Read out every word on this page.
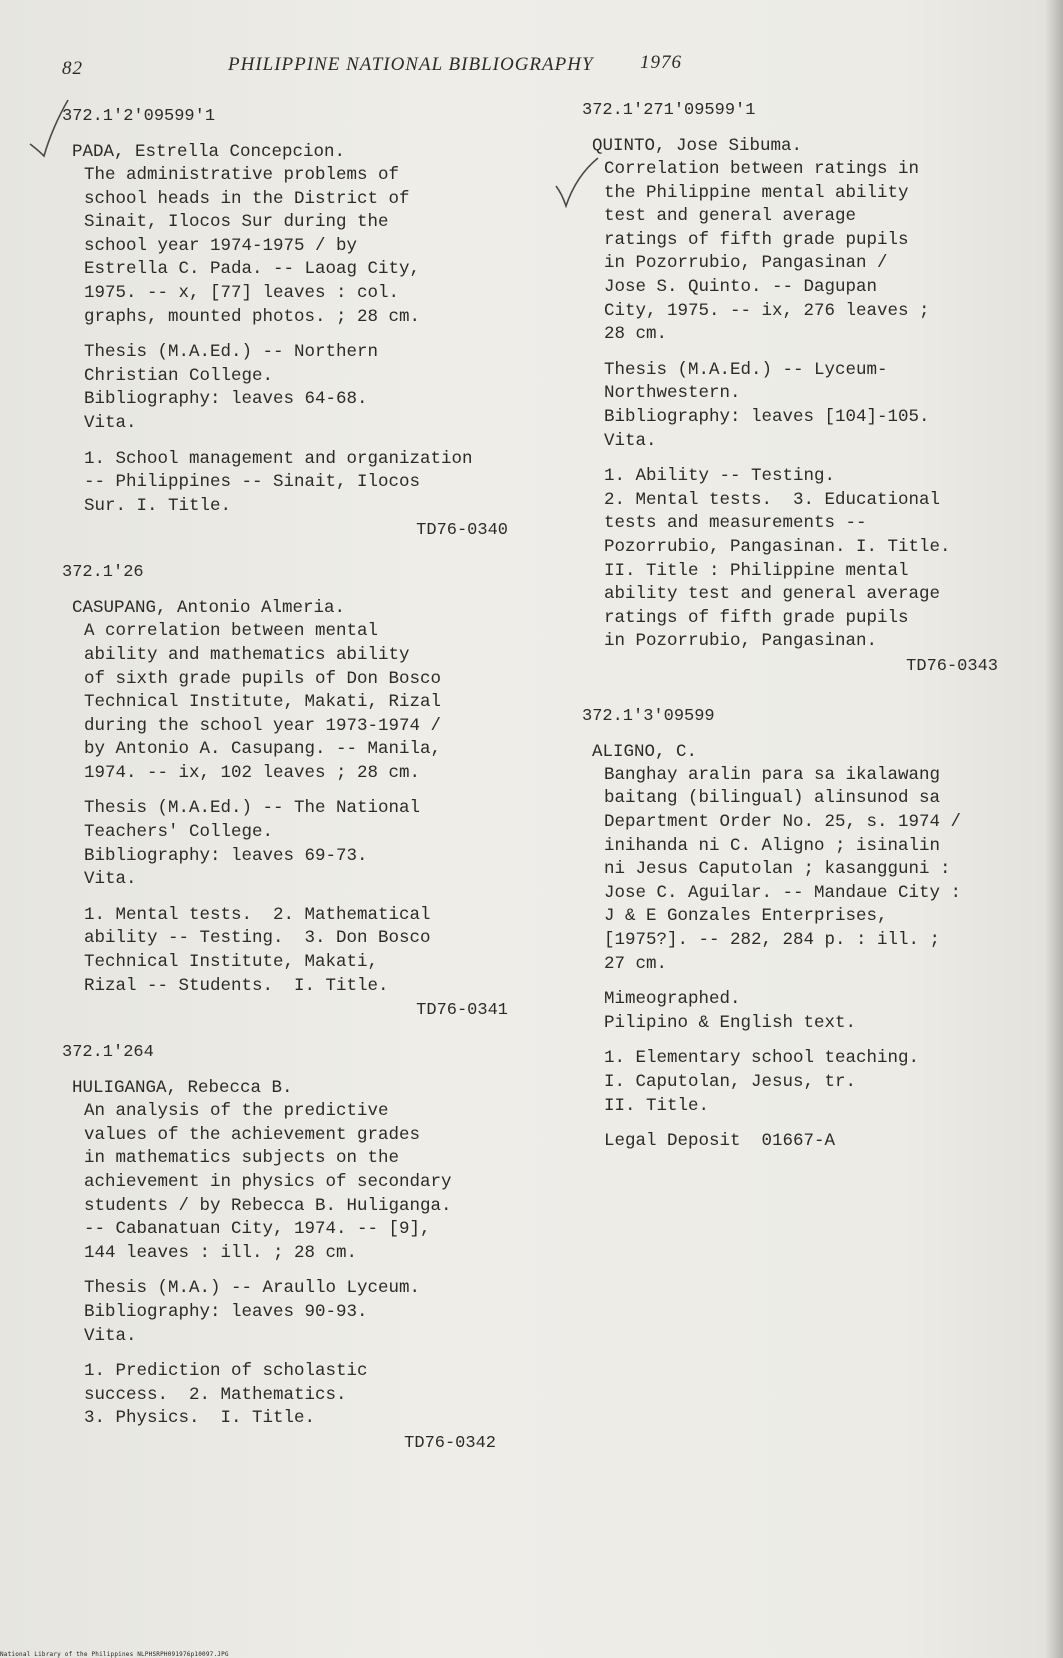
82	PHILIPPINE NATIONAL BIBLIOGRAPHY 1976
372.1'2'09599'1
PADA, Estrella Concepcion.
The administrative problems of
school heads in the District of
Sinait, Ilocos Sur during the
school year 1974-1975 / by
Estrella C. Pada. -- Laoag City,
1975. -- x, [77] leaves : col.
graphs, mounted photos. ; 28 cm.
Thesis (M.A.Ed.) -- Northern
Christian College.
Bibliography: leaves 64-68.
Vita.
1. School management and organization
-- Philippines -- Sinait, Ilocos
Sur. I. Title.
TD76-0340
372.1'26
CASUPANG, Antonio Almeria.
A correlation between mental
ability and mathematics ability
of sixth grade pupils of Don Bosco
Technical Institute, Makati, Rizal
during the school year 1973-1974 /
by Antonio A. Casupang. -- Manila,
1974. -- ix, 102 leaves ; 28 cm.
Thesis (M.A.Ed.) -- The National
Teachers' College.
Bibliography: leaves 69-73.
Vita.
1. Mental tests.  2. Mathematical
ability -- Testing.  3. Don Bosco
Technical Institute, Makati,
Rizal -- Students.  I. Title.
TD76-0341
372.1'264
HULIGANGA, Rebecca B.
An analysis of the predictive
values of the achievement grades
in mathematics subjects on the
achievement in physics of secondary
students / by Rebecca B. Huliganga.
-- Cabanatuan City, 1974. -- [9],
144 leaves : ill. ; 28 cm.
Thesis (M.A.) -- Araullo Lyceum.
Bibliography: leaves 90-93.
Vita.
1. Prediction of scholastic
success.  2. Mathematics.
3. Physics.  I. Title.
TD76-0342
372.1'271'09599'1
QUINTO, Jose Sibuma.
Correlation between ratings in
the Philippine mental ability
test and general average
ratings of fifth grade pupils
in Pozorrubio, Pangasinan /
Jose S. Quinto. -- Dagupan
City, 1975. -- ix, 276 leaves ;
28 cm.
Thesis (M.A.Ed.) -- Lyceum-
Northwestern.
Bibliography: leaves [104]-105.
Vita.
1. Ability -- Testing.
2. Mental tests.  3. Educational
tests and measurements --
Pozorrubio, Pangasinan. I. Title.
II. Title : Philippine mental
ability test and general average
ratings of fifth grade pupils
in Pozorrubio, Pangasinan.
TD76-0343
372.1'3'09599
ALIGNO, C.
Banghay aralin para sa ikalawang
baitang (bilingual) alinsunod sa
Department Order No. 25, s. 1974 /
inihanda ni C. Aligno ; isinalin
ni Jesus Caputolan ; kasangguni :
Jose C. Aguilar. -- Mandaue City :
J & E Gonzales Enterprises,
[1975?]. -- 282, 284 p. : ill. ;
27 cm.
Mimeographed.
Pilipino & English text.
1. Elementary school teaching.
I. Caputolan, Jesus, tr.
II. Title.
Legal Deposit  01667-A
National Library of the Philippines NLPHSRPH091976p10097.JPG
